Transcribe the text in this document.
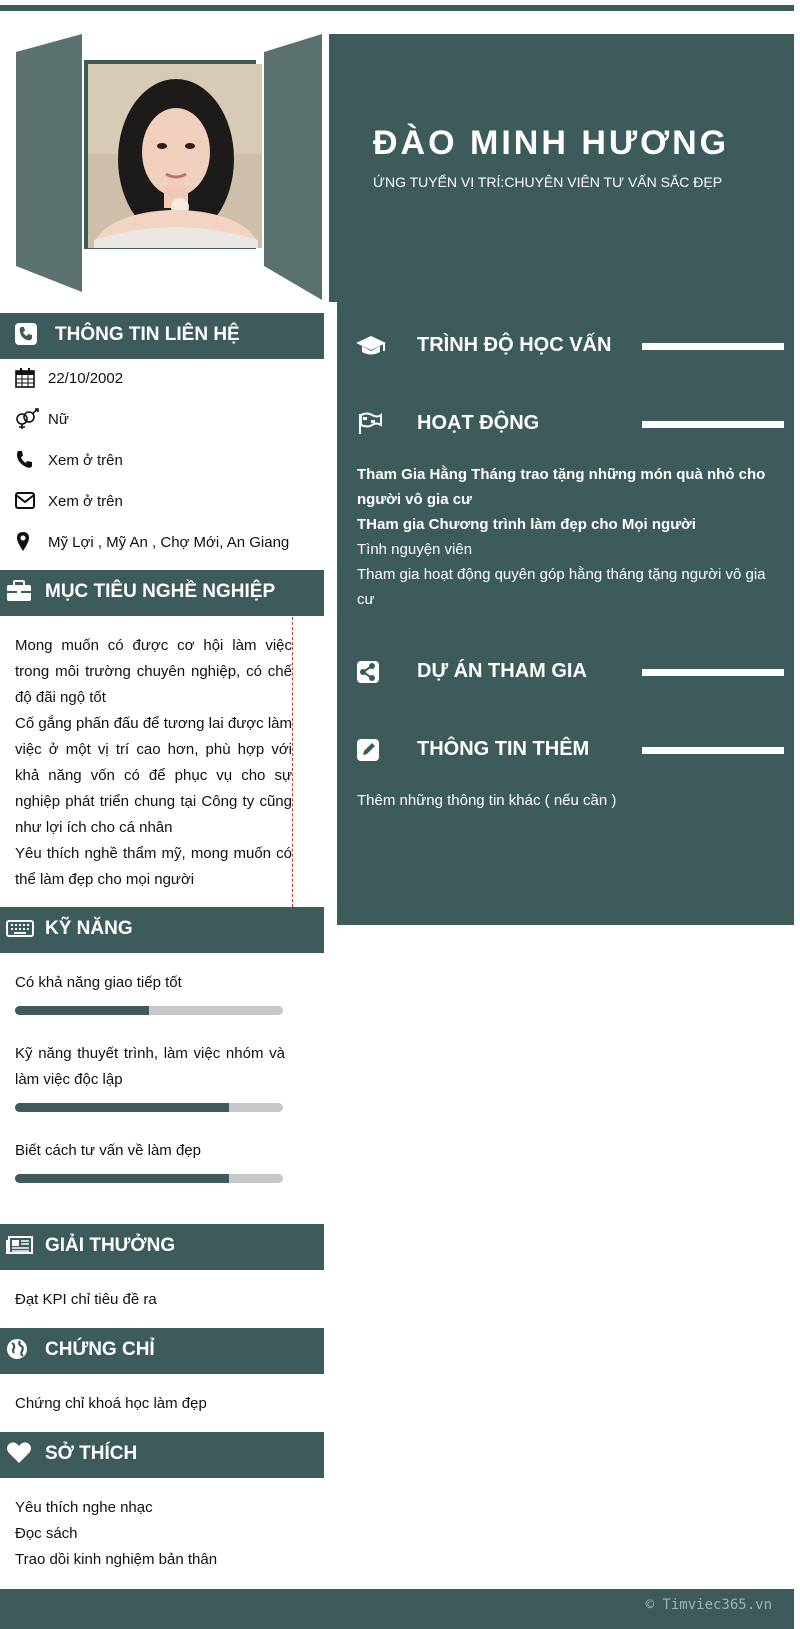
ĐÀO MINH HƯƠNG
ỨNG TUYỂN VỊ TRÍ:CHUYÊN VIÊN TƯ VẤN SẮC ĐẸP
TRÌNH ĐỘ HỌC VẤN
HOẠT ĐỘNG
Tham Gia Hằng Tháng trao tặng những món quà nhỏ cho người vô gia cư
THam gia Chương trình làm đẹp cho Mọi người
Tình nguyện viên
Tham gia hoạt động quyên góp hằng tháng tặng người vô gia cư
DỰ ÁN THAM GIA
THÔNG TIN THÊM
Thêm những thông tin khác ( nếu cần )
THÔNG TIN LIÊN HỆ
22/10/2002
Nữ
Xem ở trên
Xem ở trên
Mỹ Lợi , Mỹ An , Chợ Mới, An Giang
MỤC TIÊU NGHỀ NGHIỆP
Mong muốn có được cơ hội làm việc trong môi trường chuyên nghiệp, có chế độ đãi ngộ tốt
Cố gắng phấn đấu để tương lai được làm việc ở một vị trí cao hơn, phù hợp với khả năng vốn có để phục vụ cho sự nghiệp phát triển chung tại Công ty cũng như lợi ích cho cá nhân
Yêu thích nghề thẩm mỹ, mong muốn có thể làm đẹp cho mọi người
KỸ NĂNG
Có khả năng giao tiếp tốt
Kỹ năng thuyết trình, làm việc nhóm và làm việc độc lập
Biết cách tư vấn về làm đẹp
GIẢI THƯỞNG
Đạt KPI chỉ tiêu đề ra
CHỨNG CHỈ
Chứng chỉ khoá học làm đẹp
SỞ THÍCH
Yêu thích nghe nhạc
Đọc sách
Trao dồi kinh nghiệm bản thân
© Timviec365.vn
